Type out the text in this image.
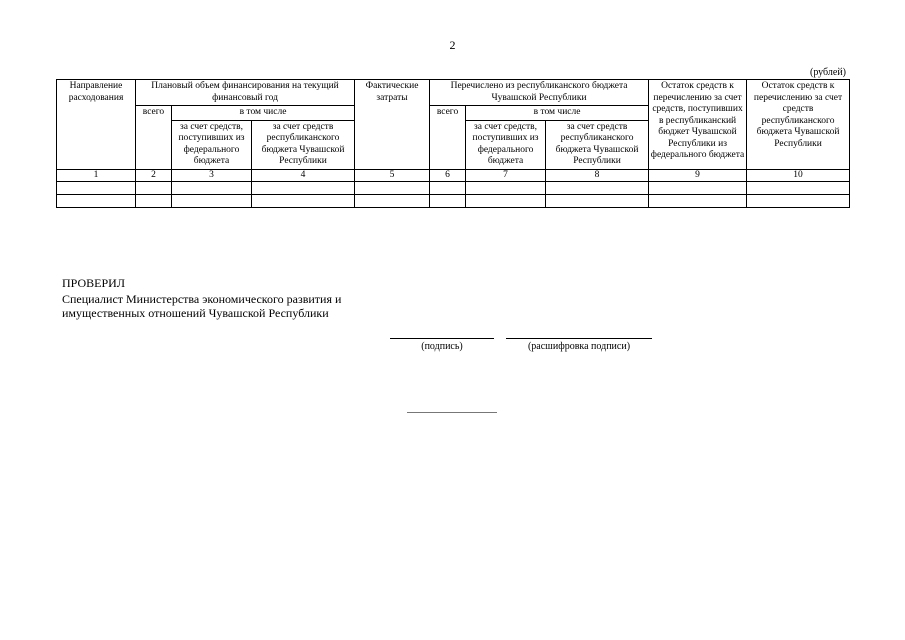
2
(рублей)
Направление расходования	Плановый объем финансирования на текущий финансовый год			Фактические затраты	Перечислено из республиканского бюджета Чувашской Республики			Остаток средств к перечислению за счет средств, поступивших в республиканский бюджет Чувашской Республики из федерального бюджета	Остаток средств к перечислению за счет средств республиканского бюджета Чувашской Республики
	всего	в том числе			всего	в том числе			
		за счет средств, поступивших из федерального бюджета	за счет средств республиканского бюджета Чувашской Республики			за счет средств, поступивших из федерального бюджета	за счет средств республиканского бюджета Чувашской Республики		
1	2	3	4	5	6	7	8	9	10

ПРОВЕРИЛ
Специалист Министерства экономического развития и имущественных отношений Чувашской Республики
(подпись)	(расшифровка подписи)
